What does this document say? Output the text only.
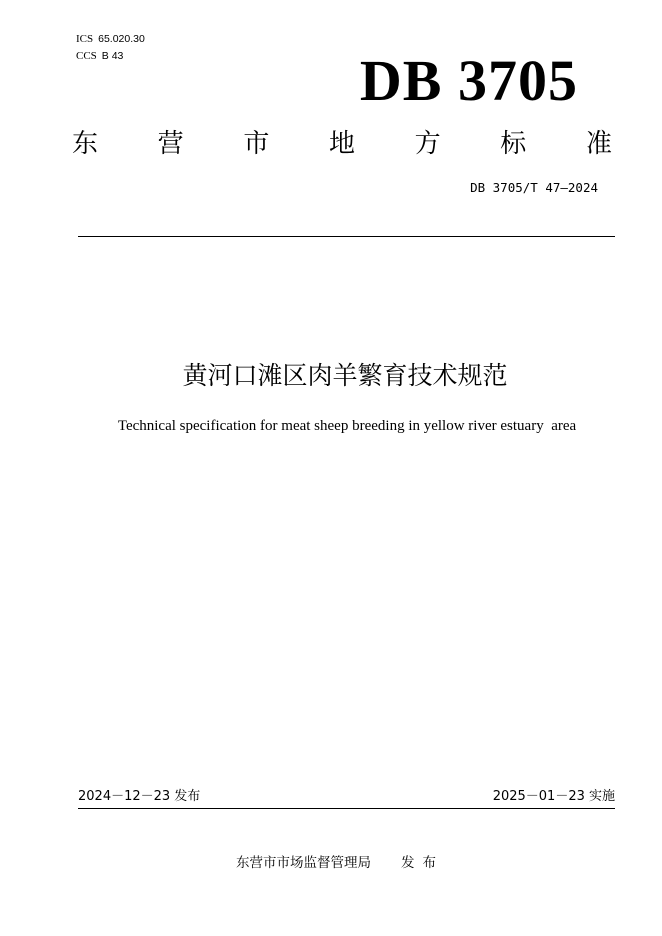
ICS 65.020.30
CCS B 43	DB 3705
东 营 市 地 方 标 准
DB 3705/T 47—2024
黄河口滩区肉羊繁育技术规范
Technical specification for meat sheep breeding in yellow river estuary  area
2024－12－23 发布	2025－01－23 实施
东营市市场监督管理局 发布
